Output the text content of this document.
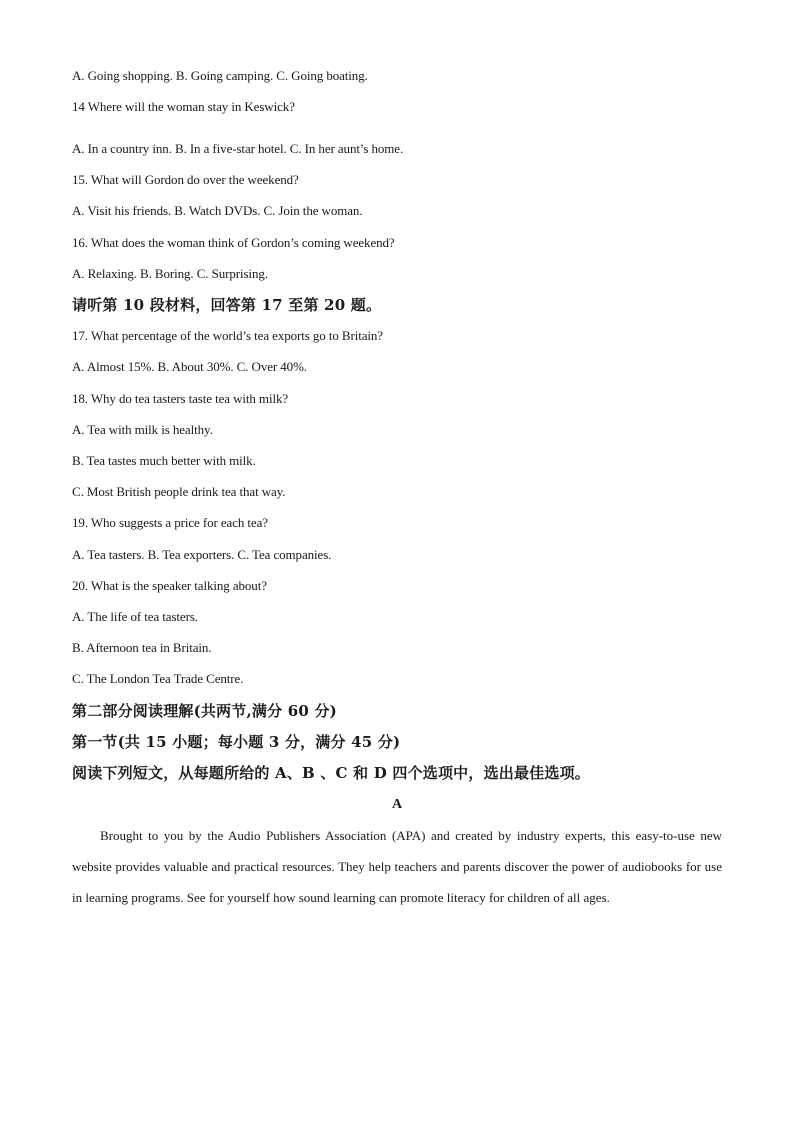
A. Going shopping. B. Going camping. C. Going boating.
14 Where will the woman stay in Keswick?
A. In a country inn. B. In a five-star hotel. C. In her aunt’s home.
15. What will Gordon do over the weekend?
A. Visit his friends. B. Watch DVDs. C. Join the woman.
16. What does the woman think of Gordon’s coming weekend?
A. Relaxing. B. Boring. C. Surprising.
请听第 10 段材料，回答第 17 至第 20 题。
17. What percentage of the world’s tea exports go to Britain?
A. Almost 15%. B. About 30%. C. Over 40%.
18. Why do tea tasters taste tea with milk?
A. Tea with milk is healthy.
B. Tea tastes much better with milk.
C. Most British people drink tea that way.
19. Who suggests a price for each tea?
A. Tea tasters. B. Tea exporters. C. Tea companies.
20. What is the speaker talking about?
A. The life of tea tasters.
B. Afternoon tea in Britain.
C. The London Tea Trade Centre.
第二部分阅读理解(共两节,满分 60 分)
第一节(共 15 小题；每小题 3 分，满分 45 分)
阅读下列短文，从每题所给的 A、B 、C 和 D 四个选项中，选出最佳选项。
A

Brought to you by the Audio Publishers Association (APA) and created by industry experts, this easy-to-use new website provides valuable and practical resources. They help teachers and parents discover the power of audiobooks for use in learning programs. See for yourself how sound learning can promote literacy for children of all ages.
